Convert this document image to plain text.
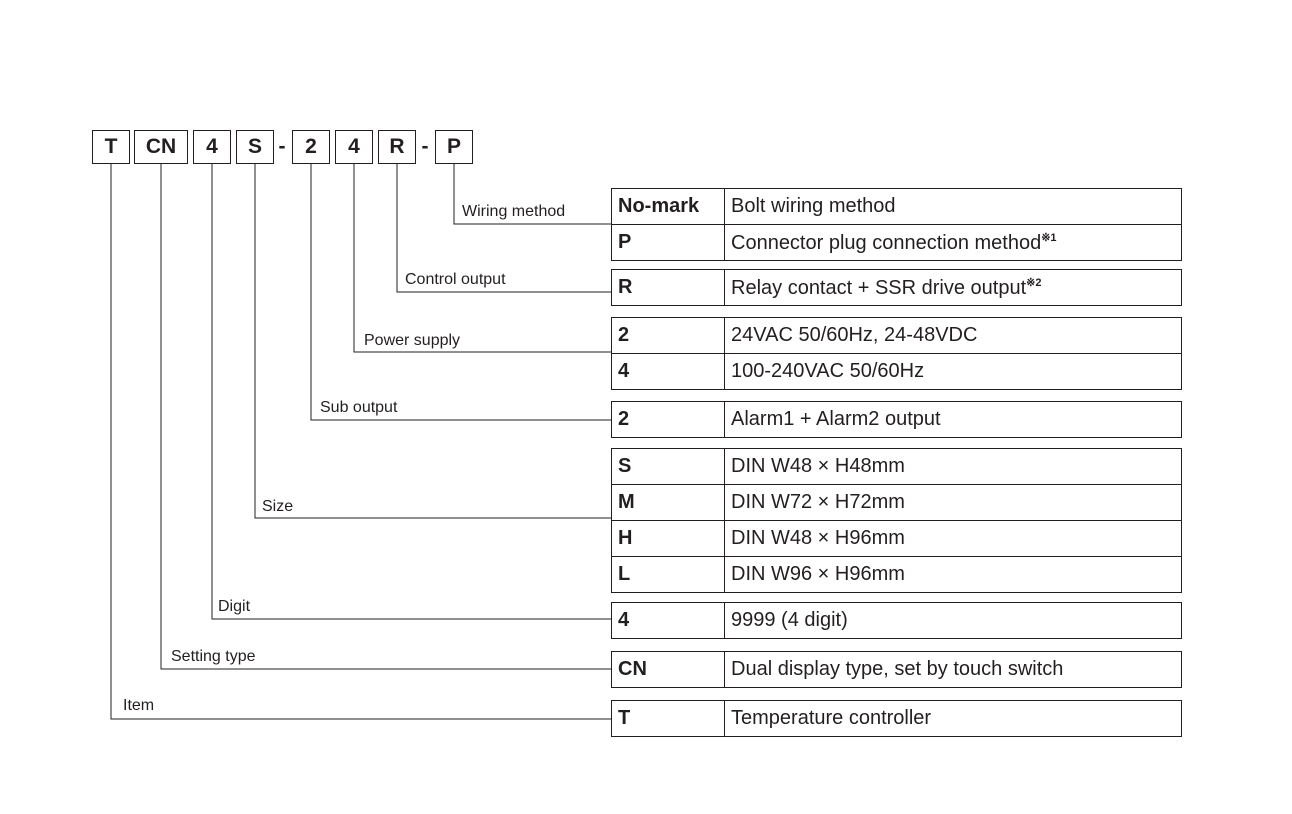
T	CN	4	S - 2	4	R - P
Wiring method
Control output
Power supply
Sub output
Size
Digit
Setting type
Item
No-mark	Bolt wiring method
P	Connector plug connection method$^{※1}$
R	Relay contact + SSR drive output$^{※2}$
2	24VAC 50/60Hz, 24-48VDC
4	100-240VAC 50/60Hz
2	Alarm1 + Alarm2 output
S	DIN W48 × H48mm
M	DIN W72 × H72mm
H	DIN W48 × H96mm
L	DIN W96 × H96mm
4	9999 (4 digit)
CN	Dual display type, set by touch switch
T	Temperature controller
